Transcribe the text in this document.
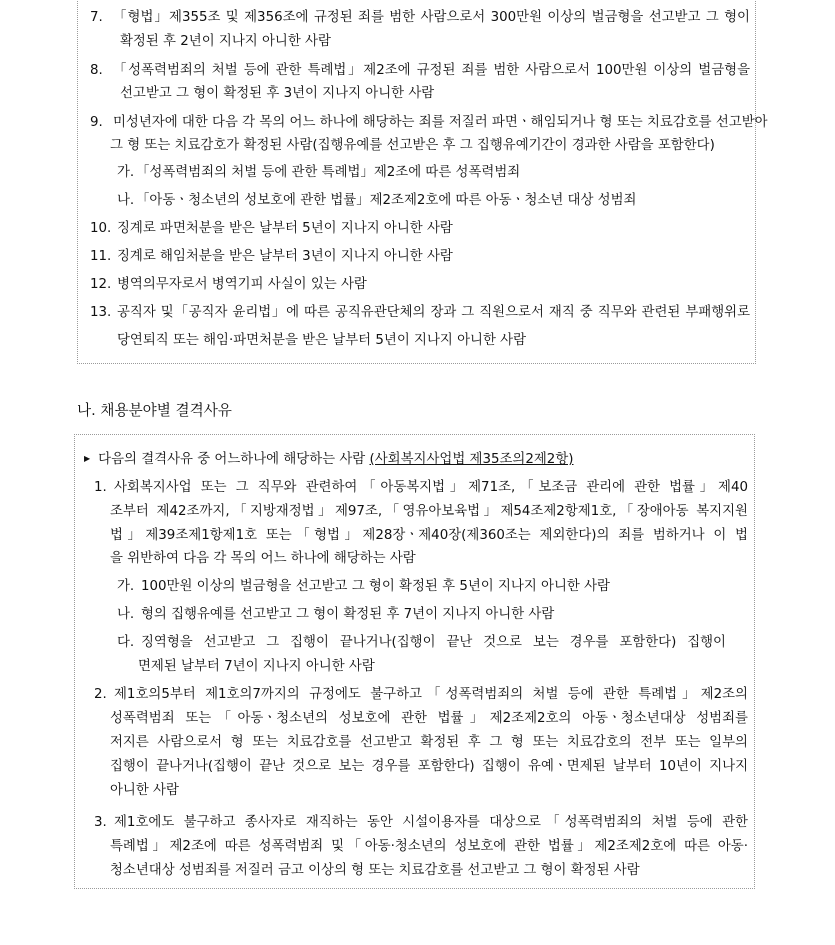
7. 「형법」제355조 및 제356조에 규정된 죄를 범한 사람으로서 300만원 이상의 벌금형을 선고받고 그 형이
확정된 후 2년이 지나지 아니한 사람
8. 「성폭력범죄의 처벌 등에 관한 특례법」제2조에 규정된 죄를 범한 사람으로서 100만원 이상의 벌금형을
선고받고 그 형이 확정된 후 3년이 지나지 아니한 사람
9. 미성년자에 대한 다음 각 목의 어느 하나에 해당하는 죄를 저질러 파면ㆍ해임되거나 형 또는 치료감호를 선고받아
그 형 또는 치료감호가 확정된 사람(집행유예를 선고받은 후 그 집행유예기간이 경과한 사람을 포함한다)
가. 「성폭력범죄의 처벌 등에 관한 특례법」제2조에 따른 성폭력범죄
나. 「아동ㆍ청소년의 성보호에 관한 법률」제2조제2호에 따른 아동ㆍ청소년 대상 성범죄
10. 징계로 파면처분을 받은 날부터 5년이 지나지 아니한 사람
11. 징계로 해임처분을 받은 날부터 3년이 지나지 아니한 사람
12. 병역의무자로서 병역기피 사실이 있는 사람
13. 공직자 및「공직자 윤리법」에 따른 공직유관단체의 장과 그 직원으로서 재직 중 직무와 관련된 부패행위로
당연퇴직 또는 해임·파면처분을 받은 날부터 5년이 지나지 아니한 사람
나. 채용분야별 결격사유
▶ 다음의 결격사유 중 어느하나에 해당하는 사람 (사회복지사업법 제35조의2제2항)
1. 사회복지사업 또는 그 직무와 관련하여「아동복지법」제71조,「보조금 관리에 관한 법률」제40
조부터 제42조까지,「지방재정법」제97조,「영유아보육법」제54조제2항제1호,「장애아동 복지지원
법」제39조제1항제1호 또는「형법」제28장ㆍ제40장(제360조는 제외한다)의 죄를 범하거나 이 법
을 위반하여 다음 각 목의 어느 하나에 해당하는 사람
가. 100만원 이상의 벌금형을 선고받고 그 형이 확정된 후 5년이 지나지 아니한 사람
나. 형의 집행유예를 선고받고 그 형이 확정된 후 7년이 지나지 아니한 사람
다. 징역형을 선고받고 그 집행이 끝나거나(집행이 끝난 것으로 보는 경우를 포함한다) 집행이
면제된 날부터 7년이 지나지 아니한 사람
2. 제1호의5부터 제1호의7까지의 규정에도 불구하고「성폭력범죄의 처벌 등에 관한 특례법」제2조의
성폭력범죄 또는「아동ㆍ청소년의 성보호에 관한 법률」제2조제2호의 아동ㆍ청소년대상 성범죄를
저지른 사람으로서 형 또는 치료감호를 선고받고 확정된 후 그 형 또는 치료감호의 전부 또는 일부의
집행이 끝나거나(집행이 끝난 것으로 보는 경우를 포함한다) 집행이 유예ㆍ면제된 날부터 10년이 지나지
아니한 사람
3. 제1호에도 불구하고 종사자로 재직하는 동안 시설이용자를 대상으로「성폭력범죄의 처벌 등에 관한
특례법」제2조에 따른 성폭력범죄 및「아동·청소년의 성보호에 관한 법률」제2조제2호에 따른 아동·
청소년대상 성범죄를 저질러 금고 이상의 형 또는 치료감호를 선고받고 그 형이 확정된 사람
